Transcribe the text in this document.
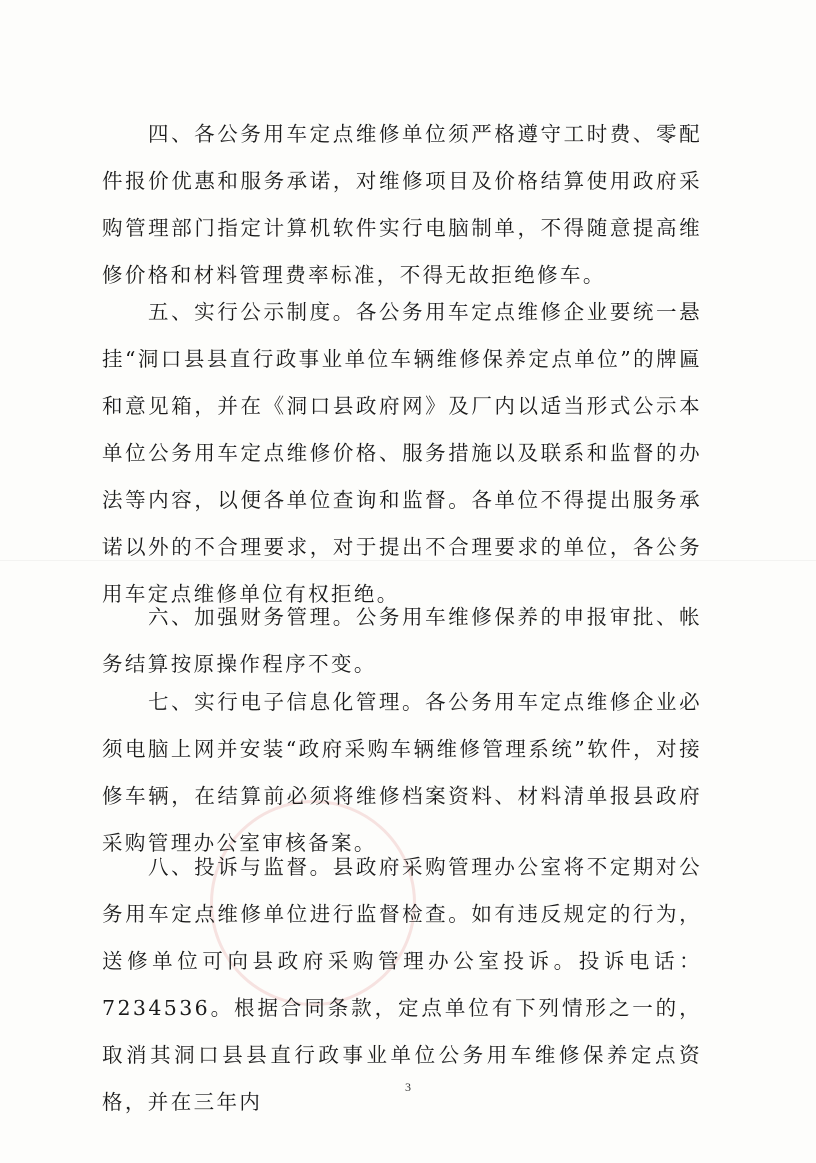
四、各公务用车定点维修单位须严格遵守工时费、零配件报价优惠和服务承诺，对维修项目及价格结算使用政府采购管理部门指定计算机软件实行电脑制单，不得随意提高维修价格和材料管理费率标准，不得无故拒绝修车。

五、实行公示制度。各公务用车定点维修企业要统一悬挂“洞口县县直行政事业单位车辆维修保养定点单位”的牌匾和意见箱，并在《洞口县政府网》及厂内以适当形式公示本单位公务用车定点维修价格、服务措施以及联系和监督的办法等内容，以便各单位查询和监督。各单位不得提出服务承诺以外的不合理要求，对于提出不合理要求的单位，各公务用车定点维修单位有权拒绝。

六、加强财务管理。公务用车维修保养的申报审批、帐务结算按原操作程序不变。

七、实行电子信息化管理。各公务用车定点维修企业必须电脑上网并安装“政府采购车辆维修管理系统”软件，对接修车辆，在结算前必须将维修档案资料、材料清单报县政府采购管理办公室审核备案。

八、投诉与监督。县政府采购管理办公室将不定期对公务用车定点维修单位进行监督检查。如有违反规定的行为，送修单位可向县政府采购管理办公室投诉。投诉电话： 7234536。根据合同条款，定点单位有下列情形之一的，取消其洞口县县直行政事业单位公务用车维修保养定点资格，并在三年内

3
